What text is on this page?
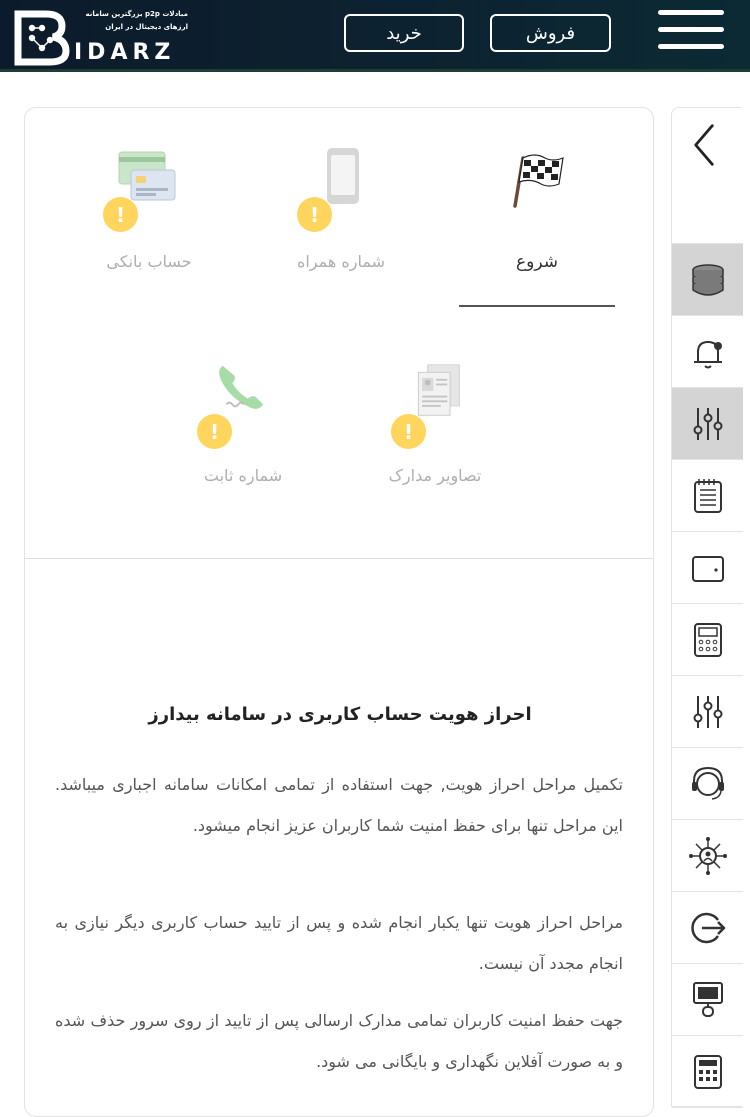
بزرگترین سامانه p2p مبادلات
ارزهای دیجیتال در ایران
IDARZ
خرید	فروش
شروع
!
شماره همراه
!
حساب بانکی
!
تصاویر مدارک
!
شماره ثابت
احراز هویت حساب کاربری در سامانه بیدارز
تکمیل مراحل احراز هویت, جهت استفاده از تمامی امکانات سامانه اجباری میباشد. این مراحل تنها برای حفظ امنیت شما کاربران عزیز انجام میشود.
مراحل احراز هویت تنها یکبار انجام شده و پس از تایید حساب کاربری دیگر نیازی به انجام مجدد آن نیست.
جهت حفظ امنیت کاربران تمامی مدارک ارسالی پس از تایید از روی سرور حذف شده و به صورت آفلاین نگهداری و بایگانی می شود.
